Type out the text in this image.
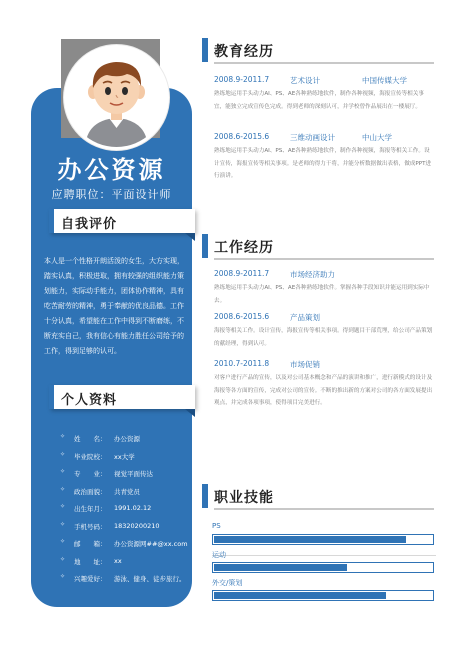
办公资源
应聘职位：平面设计师
自我评价
本人是一个性格开朗活泼的女生，大方实现，踏实认真，积极进取，拥有较强的组织能力策划能力，实际动手能力，团体协作精神，具有吃苦耐劳的精神，勇于奉献的优良品德。工作十分认真，希望能在工作中得到不断磨练，不断充实自己，我有信心有能力胜任公司给予的工作，得到足够的认可。
个人资料
✧ 姓　　名： 办公资源
✧ 毕业院校： xx大学
✧ 专　　业： 视觉平面传达
✧ 政治面貌： 共青党员
✧ 出生年月： 1991.02.12
✧ 手机号码： 18320200210
✧ 邮　　箱： 办公资源网##@xx.com
✧ 地　　址： xx
✧ 兴趣爱好： 游泳、健身、徒步旅行。
教育经历
2008.9-2011.7	艺术设计	中国传媒大学
熟练地运用手头动力AI、PS、AE各种熟练地软件，制作各种视频，海报宣传等相关事宜，能独立完成宣传色完成。得到老师的深刻认可，并学校曾作品展出在一楼展厅。
2008.6-2015.6	三维动画设计	中山大学
熟练地运用手头动力AI、PS、AE各种熟练地软件，制作各种视频，海报等相关工作。设计宣传，海报宣传等相关事项。是老师的得力干将，并能分析数据做出表格，做成PPT进行演讲。
工作经历
2008.9-2011.7	市场经济助力
熟练地运用手头动力AI、PS、AE各种熟练地软件。掌握各种手段知识并能运用到实际中去。
2008.6-2015.6	产品策划
海报等相关工作。设计宣传，海报宣传等相关事项。得到题目干部荒埋，给公司产品策划的献经理，得到认可。
2010.7-2011.8	市场促销
对客户进行产品的宣传，以及对公司基本概念和产品的演讲和推广，进行新模式的设计及海报等各方面的宣传，完成对公司的宣传。不断的推出新的方案对公司的各方面发展提出观点，并完成各项事项，使得项目完美进行。
职业技能
PS
运动
外交/策划
